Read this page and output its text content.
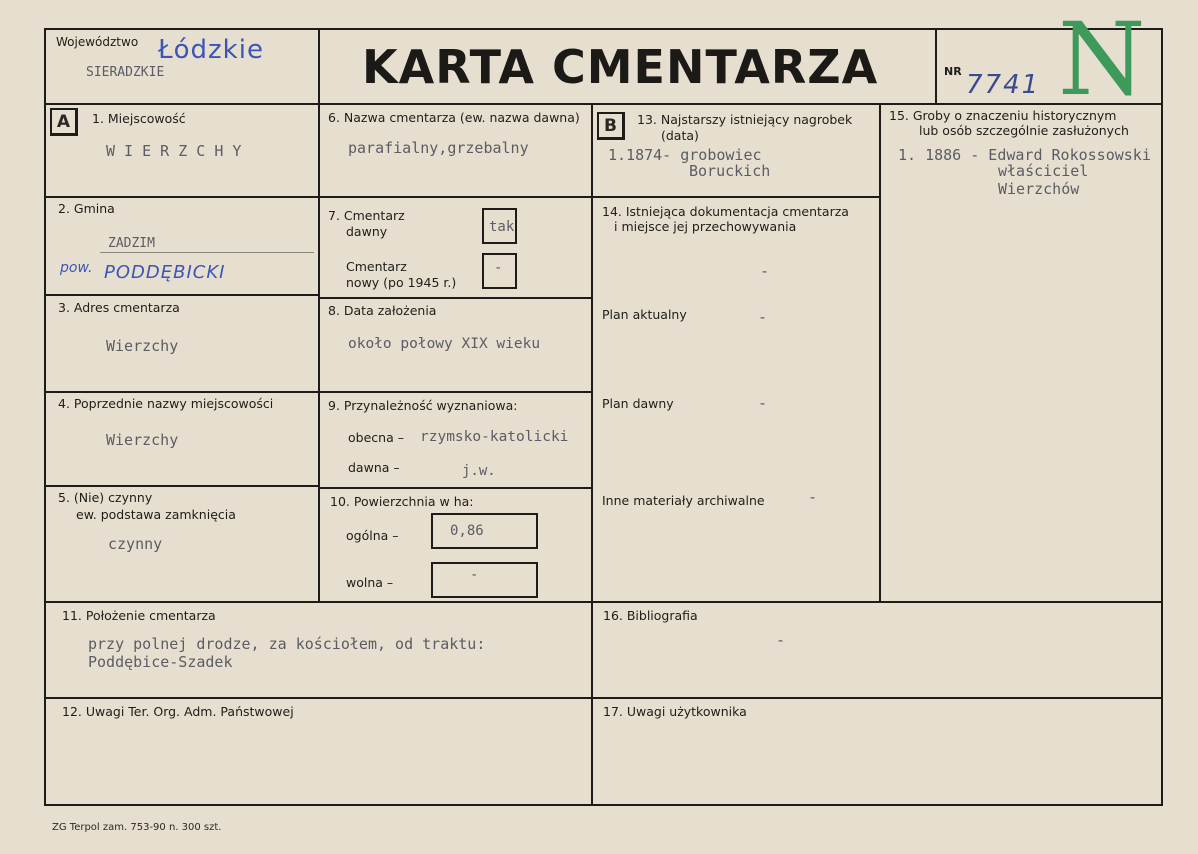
Województwo Łódzkie
SIERADZKIE	KARTA CMENTARZA	NR 7741 N
A	1. Miejscowość
W I E R Z C H Y
2. Gmina
ZADZIM
pow. PODDĘBICKI
3. Adres cmentarza
Wierzchy
4. Poprzednie nazwy miejscowości
Wierzchy
5. (Nie) czynny
ew. podstawa zamknięcia
czynny
6. Nazwa cmentarza (ew. nazwa dawna)
parafialny,grzebalny
7. Cmentarz
dawny	tak
Cmentarz
nowy (po 1945 r.)
-
8. Data założenia
około połowy XIX wieku
9. Przynależność wyznaniowa:
obecna – rzymsko-katolicki
dawna –	j.w.
10. Powierzchnia w ha:
ogólna –	0,86
wolna –	-
B	13. Najstarszy istniejący nagrobek
(data)
1.1874- grobowiec
Boruckich
14. Istniejąca dokumentacja cmentarza
i miejsce jej przechowywania
-
Plan aktualny	-
Plan dawny	-
Inne materiały archiwalne	-
15. Groby o znaczeniu historycznym
lub osób szczególnie zasłużonych
1. 1886 - Edward Rokossowski
właściciel
Wierzchów
11. Położenie cmentarza
przy polnej drodze, za kościołem, od traktu:
Poddębice-Szadek
16. Bibliografia
-
12. Uwagi Ter. Org. Adm. Państwowej	17. Uwagi użytkownika
ZG Terpol zam. 753-90 n. 300 szt.
